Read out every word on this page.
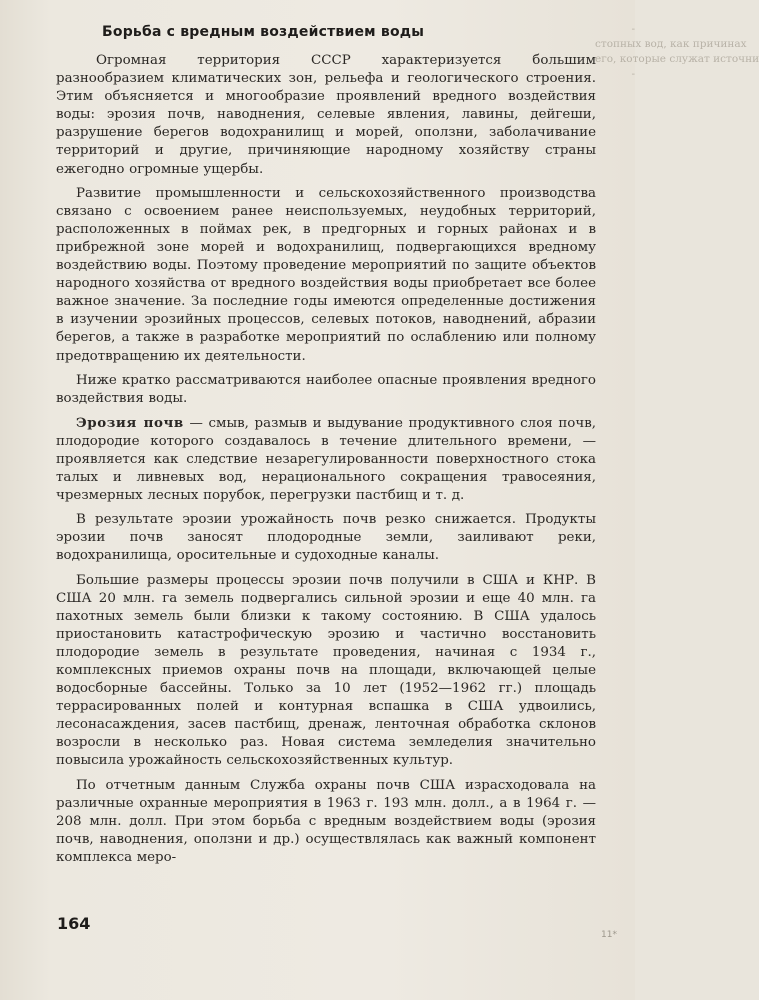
-
стопных вод, как причинах
его, которые служат источни
-
Борьба с вредным воздействием воды

Огромная территория СССР характеризуется большим разнообразием климатических зон, рельефа и геологического строения. Этим объясняется и многообразие проявлений вредного воздействия воды: эрозия почв, наводнения, селевые явления, лавины, дейгеши, разрушение берегов водохранилищ и морей, оползни, заболачивание территорий и другие, причиняющие народному хозяйству страны ежегодно огромные ущербы.

Развитие промышленности и сельскохозяйственного производства связано с освоением ранее неиспользуемых, неудобных территорий, расположенных в поймах рек, в предгорных и горных районах и в прибрежной зоне морей и водохранилищ, подвергающихся вредному воздействию воды. Поэтому проведение мероприятий по защите объектов народного хозяйства от вредного воздействия воды приобретает все более важное значение. За последние годы имеются определенные достижения в изучении эрозийных процессов, селевых потоков, наводнений, абразии берегов, а также в разработке мероприятий по ослаблению или полному предотвращению их деятельности.

Ниже кратко рассматриваются наиболее опасные проявления вредного воздействия воды.

Эрозия почв — смыв, размыв и выдувание продуктивного слоя почв, плодородие которого создавалось в течение длительного времени, — проявляется как следствие незарегулированности поверхностного стока талых и ливневых вод, нерационального сокращения травосеяния, чрезмерных лесных порубок, перегрузки пастбищ и т. д.

В результате эрозии урожайность почв резко снижается. Продукты эрозии почв заносят плодородные земли, заиливают реки, водохранилища, оросительные и судоходные каналы.

Большие размеры процессы эрозии почв получили в США и КНР. В США 20 млн. га земель подвергались сильной эрозии и еще 40 млн. га пахотных земель были близки к такому состоянию. В США удалось приостановить катастрофическую эрозию и частично восстановить плодородие земель в результате проведения, начиная с 1934 г., комплексных приемов охраны почв на площади, включающей целые водосборные бассейны. Только за 10 лет (1952—1962 гг.) площадь террасированных полей и контурная вспашка в США удвоились, лесонасаждения, засев пастбищ, дренаж, ленточная обработка склонов возросли в несколько раз. Новая система земледелия значительно повысила урожайность сельскохозяйственных культур.

По отчетным данным Служба охраны почв США израсходовала на различные охранные мероприятия в 1963 г. 193 млн. долл., а в 1964 г. — 208 млн. долл. При этом борьба с вредным воздействием воды (эрозия почв, наводнения, оползни и др.) осуществлялась как важный компонент комплекса меро-

164
11*
